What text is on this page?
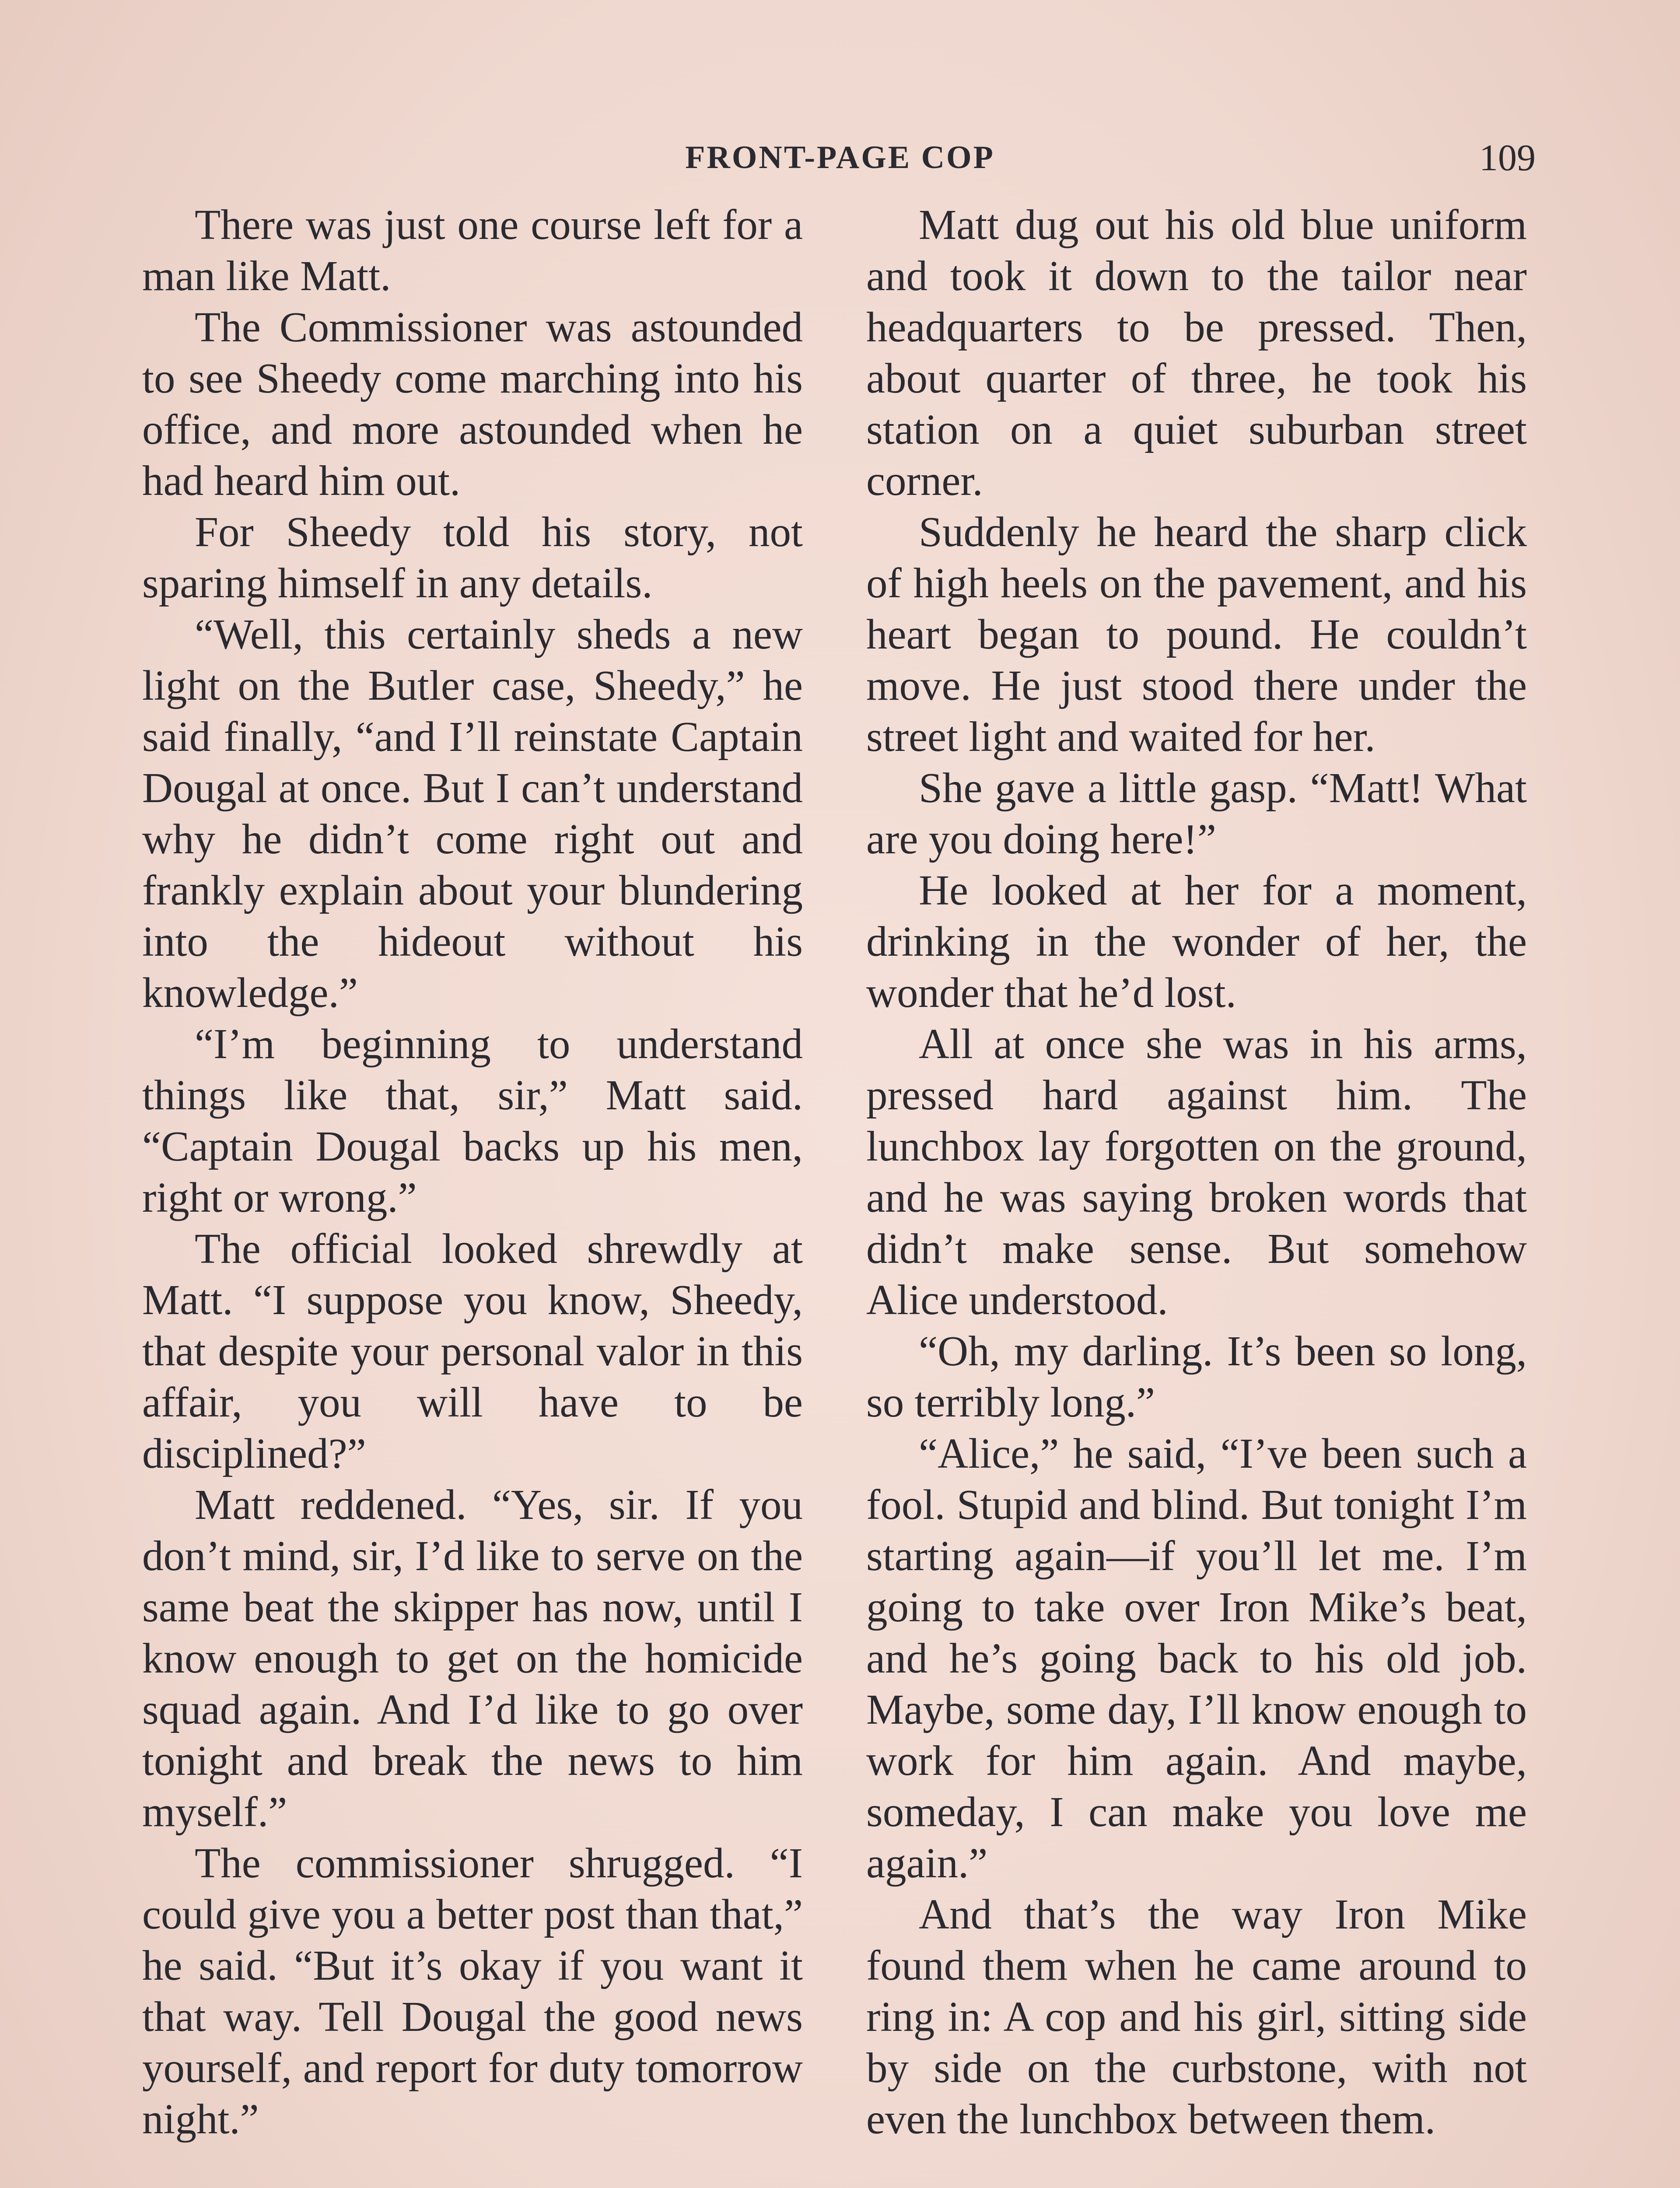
FRONT-PAGE COP	109

There was just one course left for a man like Matt.

The Commissioner was astounded to see Sheedy come marching into his office, and more astounded when he had heard him out.

For Sheedy told his story, not sparing himself in any details.

“Well, this certainly sheds a new light on the Butler case, Sheedy,” he said finally, “and I’ll reinstate Captain Dougal at once. But I can’t understand why he didn’t come right out and frankly explain about your blundering into the hideout without his knowledge.”

“I’m beginning to understand things like that, sir,” Matt said. “Captain Dougal backs up his men, right or wrong.”

The official looked shrewdly at Matt. “I suppose you know, Sheedy, that despite your personal valor in this affair, you will have to be disciplined?”

Matt reddened. “Yes, sir. If you don’t mind, sir, I’d like to serve on the same beat the skipper has now, until I know enough to get on the homicide squad again. And I’d like to go over tonight and break the news to him myself.”

The commissioner shrugged. “I could give you a better post than that,” he said. “But it’s okay if you want it that way. Tell Dougal the good news yourself, and report for duty tomorrow night.”

Matt dug out his old blue uniform and took it down to the tailor near headquarters to be pressed. Then, about quarter of three, he took his station on a quiet suburban street corner.

Suddenly he heard the sharp click of high heels on the pavement, and his heart began to pound. He couldn’t move. He just stood there under the street light and waited for her.

She gave a little gasp. “Matt! What are you doing here!”

He looked at her for a moment, drinking in the wonder of her, the wonder that he’d lost.

All at once she was in his arms, pressed hard against him. The lunchbox lay forgotten on the ground, and he was saying broken words that didn’t make sense. But somehow Alice understood.

“Oh, my darling. It’s been so long, so terribly long.”

“Alice,” he said, “I’ve been such a fool. Stupid and blind. But tonight I’m starting again—if you’ll let me. I’m going to take over Iron Mike’s beat, and he’s going back to his old job. Maybe, some day, I’ll know enough to work for him again. And maybe, someday, I can make you love me again.”

And that’s the way Iron Mike found them when he came around to ring in: A cop and his girl, sitting side by side on the curbstone, with not even the lunchbox between them.
